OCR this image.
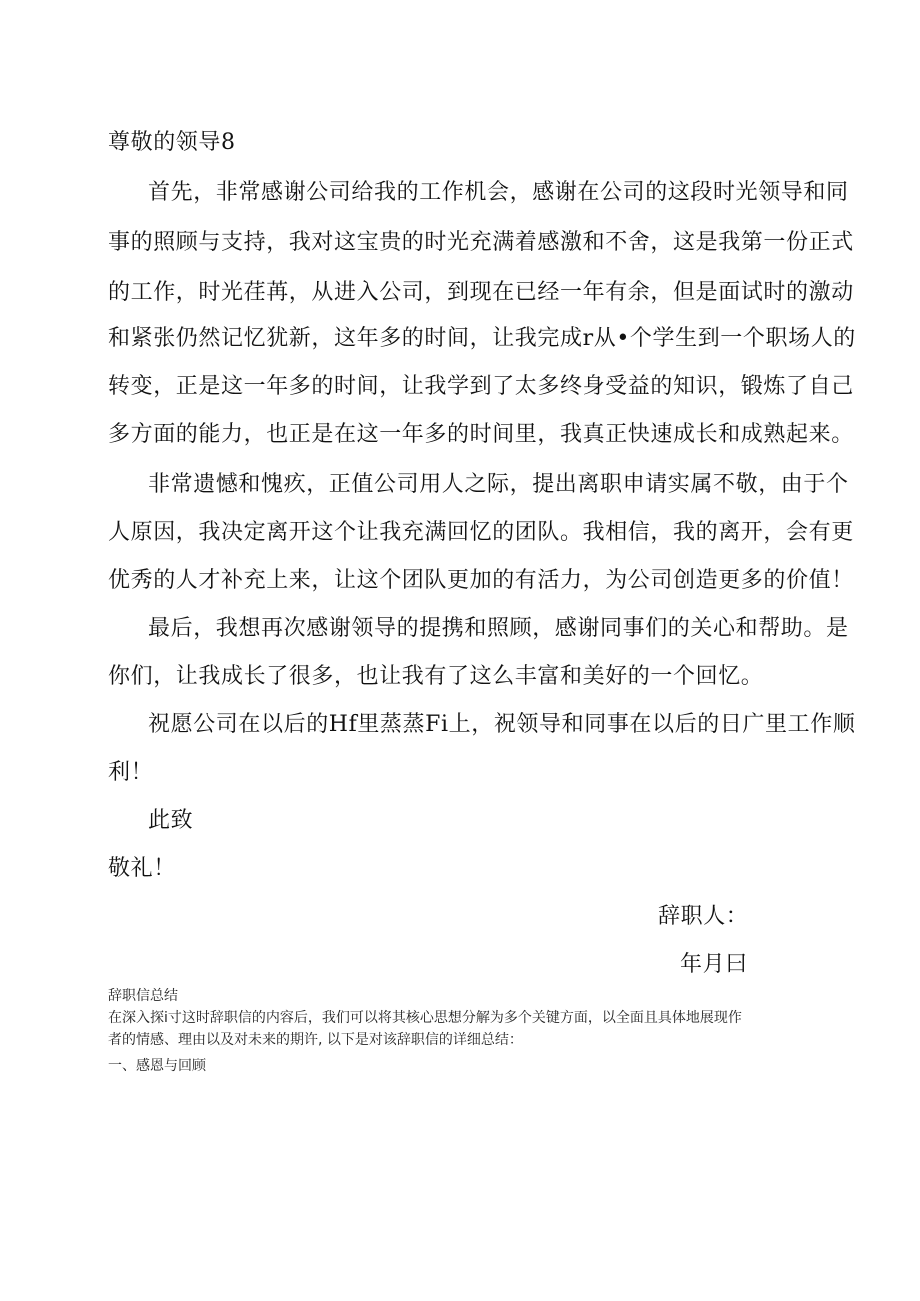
尊敬的领导8
首先，非常感谢公司给我的工作机会，感谢在公司的这段时光领导和同
事的照顾与支持，我对这宝贵的时光充满着感激和不舍，这是我第一份正式
的工作，时光荏苒，从进入公司，到现在已经一年有余，但是面试时的激动
和紧张仍然记忆犹新，这年多的时间，让我完成r从•个学生到一个职场人的
转变，正是这一年多的时间，让我学到了太多终身受益的知识，锻炼了自己
多方面的能力，也正是在这一年多的时间里，我真正快速成长和成熟起来。
非常遗憾和愧疚，正值公司用人之际，提出离职申请实属不敬，由于个
人原因，我决定离开这个让我充满回忆的团队。我相信，我的离开，会有更
优秀的人才补充上来，让这个团队更加的有活力，为公司创造更多的价值！
最后，我想再次感谢领导的提携和照顾，感谢同事们的关心和帮助。是
你们，让我成长了很多，也让我有了这么丰富和美好的一个回忆。
祝愿公司在以后的Hf里蒸蒸Fi上，祝领导和同事在以后的日广里工作顺
利！
此致
敬礼！
辞职人：
年月曰
辞职信总结
在深入探i寸这时辞职信的内容后，我们可以将其核心思想分解为多个关键方面，以全面且具体地展现作
者的情感、理由以及对未来的期许, 以下是对该辞职信的详细总结：
一、感恩与回顾
